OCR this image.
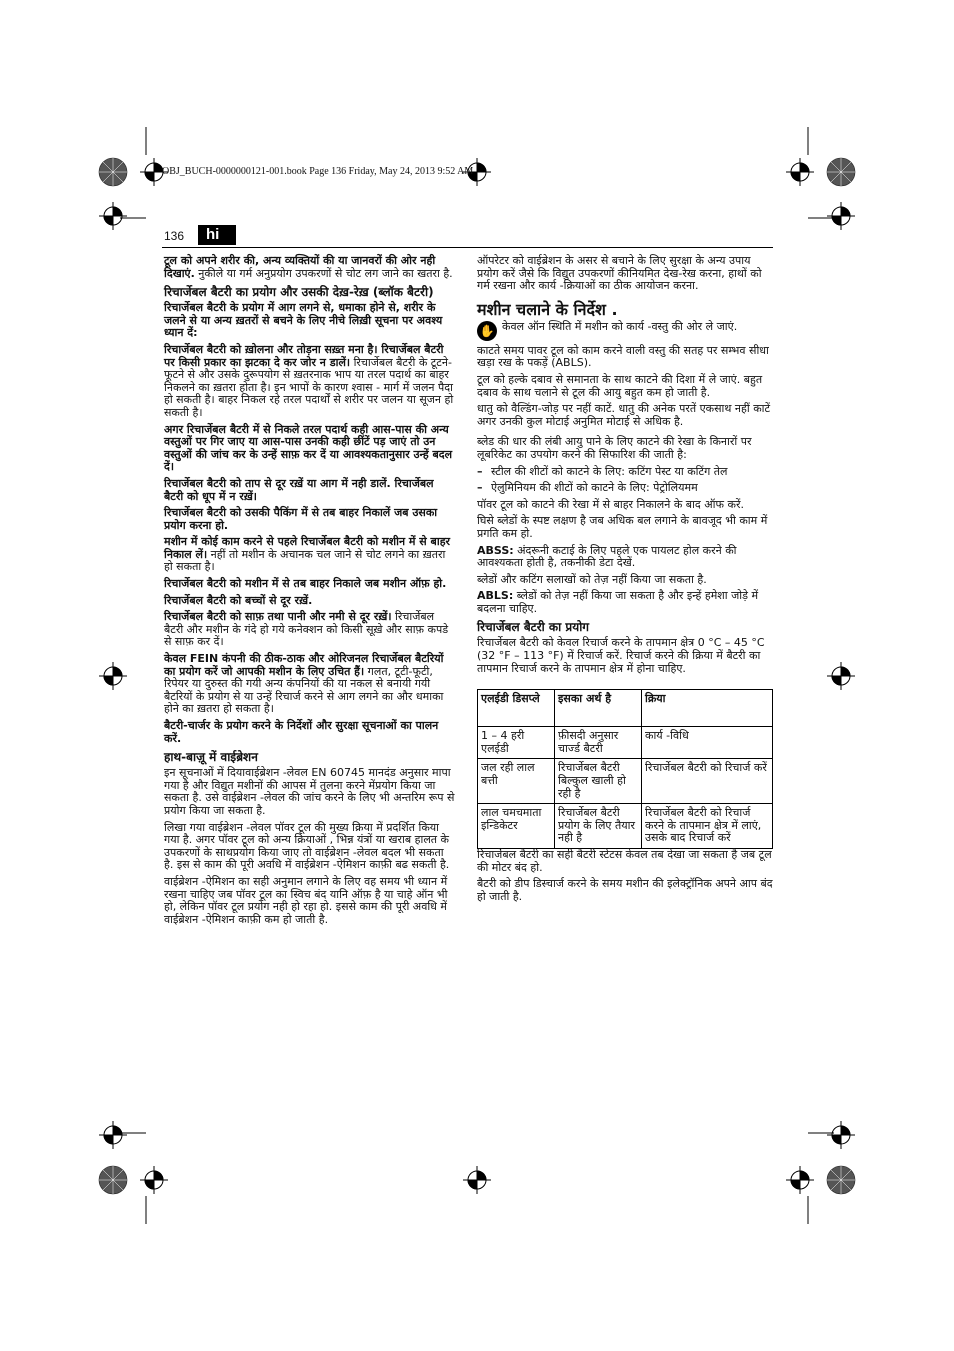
OBJ_BUCH-0000000121-001.book Page 136 Friday, May 24, 2013 9:52 AM
136	hi

टूल को अपने शरीर की, अन्य व्यक्तियों की या जानवरों की ओर नही दिखाएं. नुकीले या गर्म अनुप्रयोग उपकरणों से चोट लग जाने का खतरा है.

रिचार्जेबल बैटरी का प्रयोग और उसकी देख़-रेख़ (ब्लॉक बैटरी)

रिचार्जेबल बैटरी के प्रयोग में आग लगने से, धमाका होने से, शरीर के जलने से या अन्य ख़तरों से बचने के लिए नीचे लिख़ी सूचना पर अवश्य ध्यान दें:

रिचार्जेबल बैटरी को ख़ोलना और तोड़ना सख़्त मना है। रिचार्जेबल बैटरी पर किसी प्रकार का झटका दे कर जोर न डालें। रिचार्जेबल बैटरी के टूटने-फूटने से और उसके दुरूपयोग से ख़तरनाक भाप या तरल पदार्थ का बाहर निकलने का ख़तरा होता है। इन भापों के कारण श्वास - मार्ग में जलन पैदा हो सकती है। बाहर निकल रहे तरल पदार्थों से शरीर पर जलन या सूजन हो सकती है।

अगर रिचार्जेबल बैटरी में से निकले तरल पदार्थ कही आस-पास की अन्य वस्तुओं पर गिर जाए या आस-पास उनकी कही छींटें पड़ जाएं तो उन वस्तुओं की जांच कर के उन्हें साफ़ कर दें या आवश्यकतानुसार उन्हें बदल दें।

रिचार्जेबल बैटरी को ताप से दूर रख़ें या आग में नही डालें. रिचार्जेबल बैटरी को धूप में न रख़ें।

रिचार्जेबल बैटरी को उसकी पैकिंग में से तब बाहर निकालें जब उसका प्रयोग करना हो.

मशीन में कोई काम करने से पहले रिचार्जेबल बैटरी को मशीन में से बाहर निकाल लें। नहीं तो मशीन के अचानक चल जाने से चोट लगने का ख़तरा हो सकता है।

रिचार्जेबल बैटरी को मशीन में से तब बाहर निकाले जब मशीन ऑफ़ हो.

रिचार्जेबल बैटरी को बच्चों से दूर रख़ें.

रिचार्जेबल बैटरी को साफ़ तथा पानी और नमी से दूर रख़ें। रिचार्जेबल बैटरी और मशीन के गंदे हो गये कनेक्शन को किसी सूख़े और साफ़ कपडे से साफ़ कर दें।

केवल FEIN कंपनी की ठीक-ठाक और ओरिजनल रिचार्जेबल बैटरियों का प्रयोग करें जो आपकी मशीन के लिए उचित हैं। गलत, टूटी-फूटी, रिपेयर या दुरुस्त की गयी अन्य कंपनियों की या नकल से बनायी गयी बैटरियों के प्रयोग से या उन्हें रिचार्ज करने से आग लगने का और धमाका होने का ख़तरा हो सकता है।

बैटरी-चार्जर के प्रयोग करने के निर्देशों और सुरक्षा सूचनाओं का पालन करें.

हाथ-बाज़ू में वाईब्रेशन

इन सूचनाओं में दियावाईब्रेशन -लेवल EN 60745 मानदंड अनुसार मापा गया है और विद्युत मशीनों की आपस में तुलना करने मेंप्रयोग किया जा सकता है. उसे वाईब्रेशन -लेवल की जांच करने के लिए भी अन्तरिम रूप से प्रयोग किया जा सकता है.

लिखा गया वाईब्रेशन -लेवल पॉवर टूल की मुख्य क्रिया में प्रदर्शित किया गया है. अगर पॉवर टूल को अन्य क्रियाओं , भिन्न यंत्रों या खराब हालत के उपकरणों के साथप्रयोग किया जाए तो वाईब्रेशन -लेवल बदल भी सकता है. इस से काम की पूरी अवधि में वाईब्रेशन -ऐमिशन काफ़ी बढ सकती है.

वाईब्रेशन -ऐमिशन का सही अनुमान लगाने के लिए वह समय भी ध्यान में रखना चाहिए जब पॉवर टूल का स्विच बंद यानि ऑफ़ है या चाहे ऑन भी हो, लेकिन पॉवर टूल प्रयोग नही हो रहा हो. इससे काम की पूरी अवधि में वाईब्रेशन -ऐमिशन काफ़ी कम हो जाती है.

ऑपरेटर को वाईब्रेशन के असर से बचाने के लिए सुरक्षा के अन्य उपाय प्रयोग करें जैसे कि विद्युत उपकरणों कीनियमित देख-रेख करना, हाथों को गर्म रखना और कार्य -क्रियाओं का ठीक आयोजन करना.

मशीन चलाने के निर्देश .
✋ केवल ऑन स्थिति में मशीन को कार्य -वस्तु की ओर ले जाएं.

काटते समय पावर टूल को काम करने वाली वस्तु की सतह पर सम्भव सीधा खड़ा रख के पकड़ें (ABLS).

टूल को हल्के दबाव से समानता के साथ काटने की दिशा में ले जाएं. बहुत दबाव के साथ चलाने से टूल की आयु बहुत कम हो जाती है.

धातु को वैल्डिंग-जोड़ पर नहीं काटें. धातु की अनेक परतें एकसाथ नहीं काटें अगर उनकी कुल मोटाई अनुमित मोटाई से अधिक है.

ब्लेड की धार की लंबी आयु पाने के लिए काटने की रेखा के किनारों पर लूबरिकेट का उपयोग करने की सिफारिश की जाती है:

– स्टील की शीटों को काटने के लिए: कटिंग पेस्ट या कटिंग तेल

– ऐलुमिनियम की शीटों को काटने के लिए: पेट्रोलियमम

पॉवर टूल को काटने की रेखा में से बाहर निकालने के बाद ऑफ करें.

घिसे ब्लेडों के स्पष्ट लक्षण है जब अधिक बल लगाने के बावजूद भी काम में प्रगति कम हो.

ABSS: अंदरूनी कटाई के लिए पहले एक पायलट होल करने की आवश्यकता होती है, तकनीकी डेटा देखें.

ब्लेडों और कटिंग सलाखों को तेज़ नहीं किया जा सकता है.

ABLS: ब्लेडों को तेज़ नहीं किया जा सकता है और इन्हें हमेशा जोड़े में बदलना चाहिए.

रिचार्जेबल बैटरी का प्रयोग

रिचार्जेबल बैटरी को केवल रिचार्ज करने के तापमान क्षेत्र 0 °C – 45 °C (32 °F – 113 °F) में रिचार्ज करें. रिचार्ज करने की क्रिया में बैटरी का तापमान रिचार्ज करने के तापमान क्षेत्र में होना चाहिए.

एलईडी डिसप्ले	इसका अर्थ है	क्रिया
1 – 4 हरी एलईडी	फ़ीसदी अनुसार चार्ज्ड बैटरी	कार्य -विधि
जल रही लाल बत्ती	रिचार्जेबल बैटरी बिल्कुल खाली हो रही है	रिचार्जेबल बैटरी को रिचार्ज करें
लाल चमचमाता इन्डिकेटर	रिचार्जेबल बैटरी प्रयोग के लिए तैयार नही है	रिचार्जेबल बैटरी को रिचार्ज करने के तापमान क्षेत्र में लाएं, उसके बाद रिचार्ज करें

रिचार्जेबल बैटरी का सही बैटरी स्टेटस केवल तब देखा जा सकता है जब टूल की मोटर बंद हो.

बैटरी को डीप डिस्चार्ज करने के समय मशीन की इलेक्ट्रॉनिक अपने आप बंद हो जाती है.
